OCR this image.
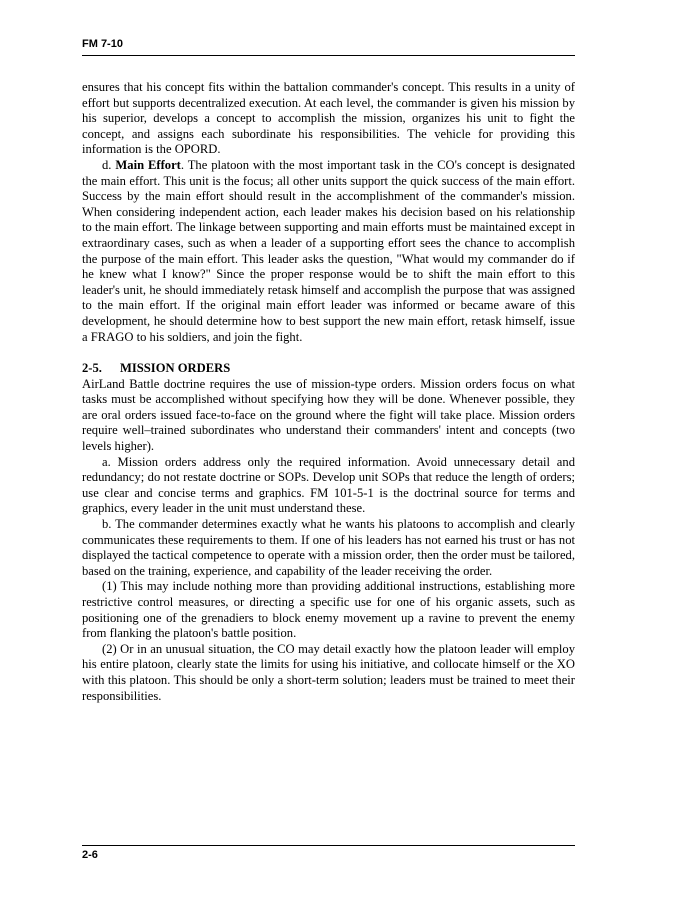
FM 7-10

ensures that his concept fits within the battalion commander's concept. This results in a unity of effort but supports decentralized execution. At each level, the commander is given his mission by his superior, develops a concept to accomplish the mission, organizes his unit to fight the concept, and assigns each subordinate his responsibilities. The vehicle for providing this information is the OPORD.

d. Main Effort. The platoon with the most important task in the CO's concept is designated the main effort. This unit is the focus; all other units support the quick success of the main effort. Success by the main effort should result in the accomplishment of the commander's mission. When considering independent action, each leader makes his decision based on his relationship to the main effort. The linkage between supporting and main efforts must be maintained except in extraordinary cases, such as when a leader of a supporting effort sees the chance to accomplish the purpose of the main effort. This leader asks the question, "What would my commander do if he knew what I know?" Since the proper response would be to shift the main effort to this leader's unit, he should immediately retask himself and accomplish the purpose that was assigned to the main effort. If the original main effort leader was informed or became aware of this development, he should determine how to best support the new main effort, retask himself, issue a FRAGO to his soldiers, and join the fight.

2-5. MISSION ORDERS

AirLand Battle doctrine requires the use of mission-type orders. Mission orders focus on what tasks must be accomplished without specifying how they will be done. Whenever possible, they are oral orders issued face-to-face on the ground where the fight will take place. Mission orders require well–trained subordinates who understand their commanders' intent and concepts (two levels higher).

a. Mission orders address only the required information. Avoid unnecessary detail and redundancy; do not restate doctrine or SOPs. Develop unit SOPs that reduce the length of orders; use clear and concise terms and graphics. FM 101-5-1 is the doctrinal source for terms and graphics, every leader in the unit must understand these.

b. The commander determines exactly what he wants his platoons to accomplish and clearly communicates these requirements to them. If one of his leaders has not earned his trust or has not displayed the tactical competence to operate with a mission order, then the order must be tailored, based on the training, experience, and capability of the leader receiving the order.

(1) This may include nothing more than providing additional instructions, establishing more restrictive control measures, or directing a specific use for one of his organic assets, such as positioning one of the grenadiers to block enemy movement up a ravine to prevent the enemy from flanking the platoon's battle position.

(2) Or in an unusual situation, the CO may detail exactly how the platoon leader will employ his entire platoon, clearly state the limits for using his initiative, and collocate himself or the XO with this platoon. This should be only a short-term solution; leaders must be trained to meet their responsibilities.

2-6
